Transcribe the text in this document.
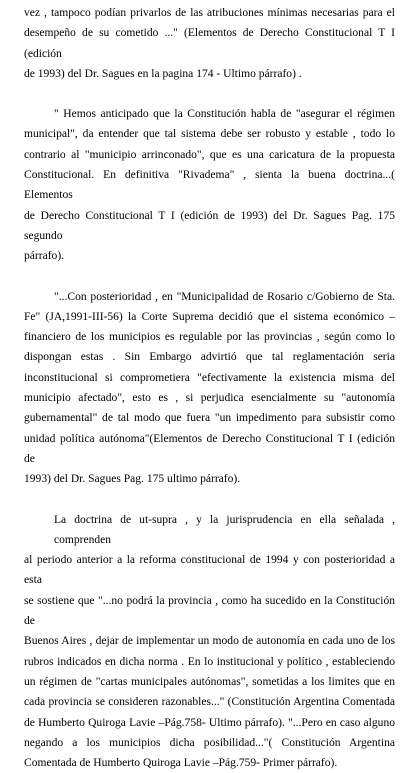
vez , tampoco podían privarlos de las atribuciones mínimas necesarias para el
desempeño de su cometido ..." (Elementos de Derecho Constitucional T I (edición
de 1993) del Dr. Sagues en la pagina 174 - Ultimo párrafo) .
" Hemos anticipado que la Constitución habla de "asegurar el régimen
municipal", da entender que tal sistema debe ser robusto y estable , todo lo
contrario al "municipio arrinconado", que es una caricatura de la propuesta
Constitucional. En definitiva "Rivadema" , sienta la buena doctrina...( Elementos
de Derecho Constitucional T I (edición de 1993) del Dr. Sagues Pag. 175 segundo
párrafo).
"...Con posterioridad , en "Municipalidad de Rosario c/Gobierno de Sta.
Fe" (JA,1991-III-56) la Corte Suprema decidió que el sistema económico –
financiero de los municipios es regulable por las provincias , según como lo
dispongan estas . Sin Embargo advirtió que tal reglamentación seria
inconstitucional si comprometiera "efectivamente la existencia misma del
municipio afectado", esto es , si perjudica esencialmente su "autonomía
gubernamental" de tal modo que fuera "un impedimento para subsistir como
unidad política autónoma"(Elementos de Derecho Constitucional T I (edición de
1993) del Dr. Sagues Pag. 175 ultimo párrafo).
La doctrina de ut-supra , y la jurisprudencia en ella señalada , comprenden
al periodo anterior a la reforma constitucional de 1994 y con posterioridad a esta
se sostiene que "...no podrá la provincia , como ha sucedido en la Constitución de
Buenos Aires , dejar de implementar un modo de autonomía en cada uno de los
rubros indicados en dicha norma . En lo institucional y político , estableciendo
un régimen de "cartas municipales autónomas", sometidas a los limites que en
cada provincia se consideren razonables..." (Constitución Argentina Comentada
de Humberto Quiroga Lavie –Pág.758- Ultimo párrafo). "...Pero en caso alguno
negando a los municipios dicha posibilidad..."( Constitución Argentina
Comentada de Humberto Quiroga Lavie –Pág.759- Primer párrafo).
